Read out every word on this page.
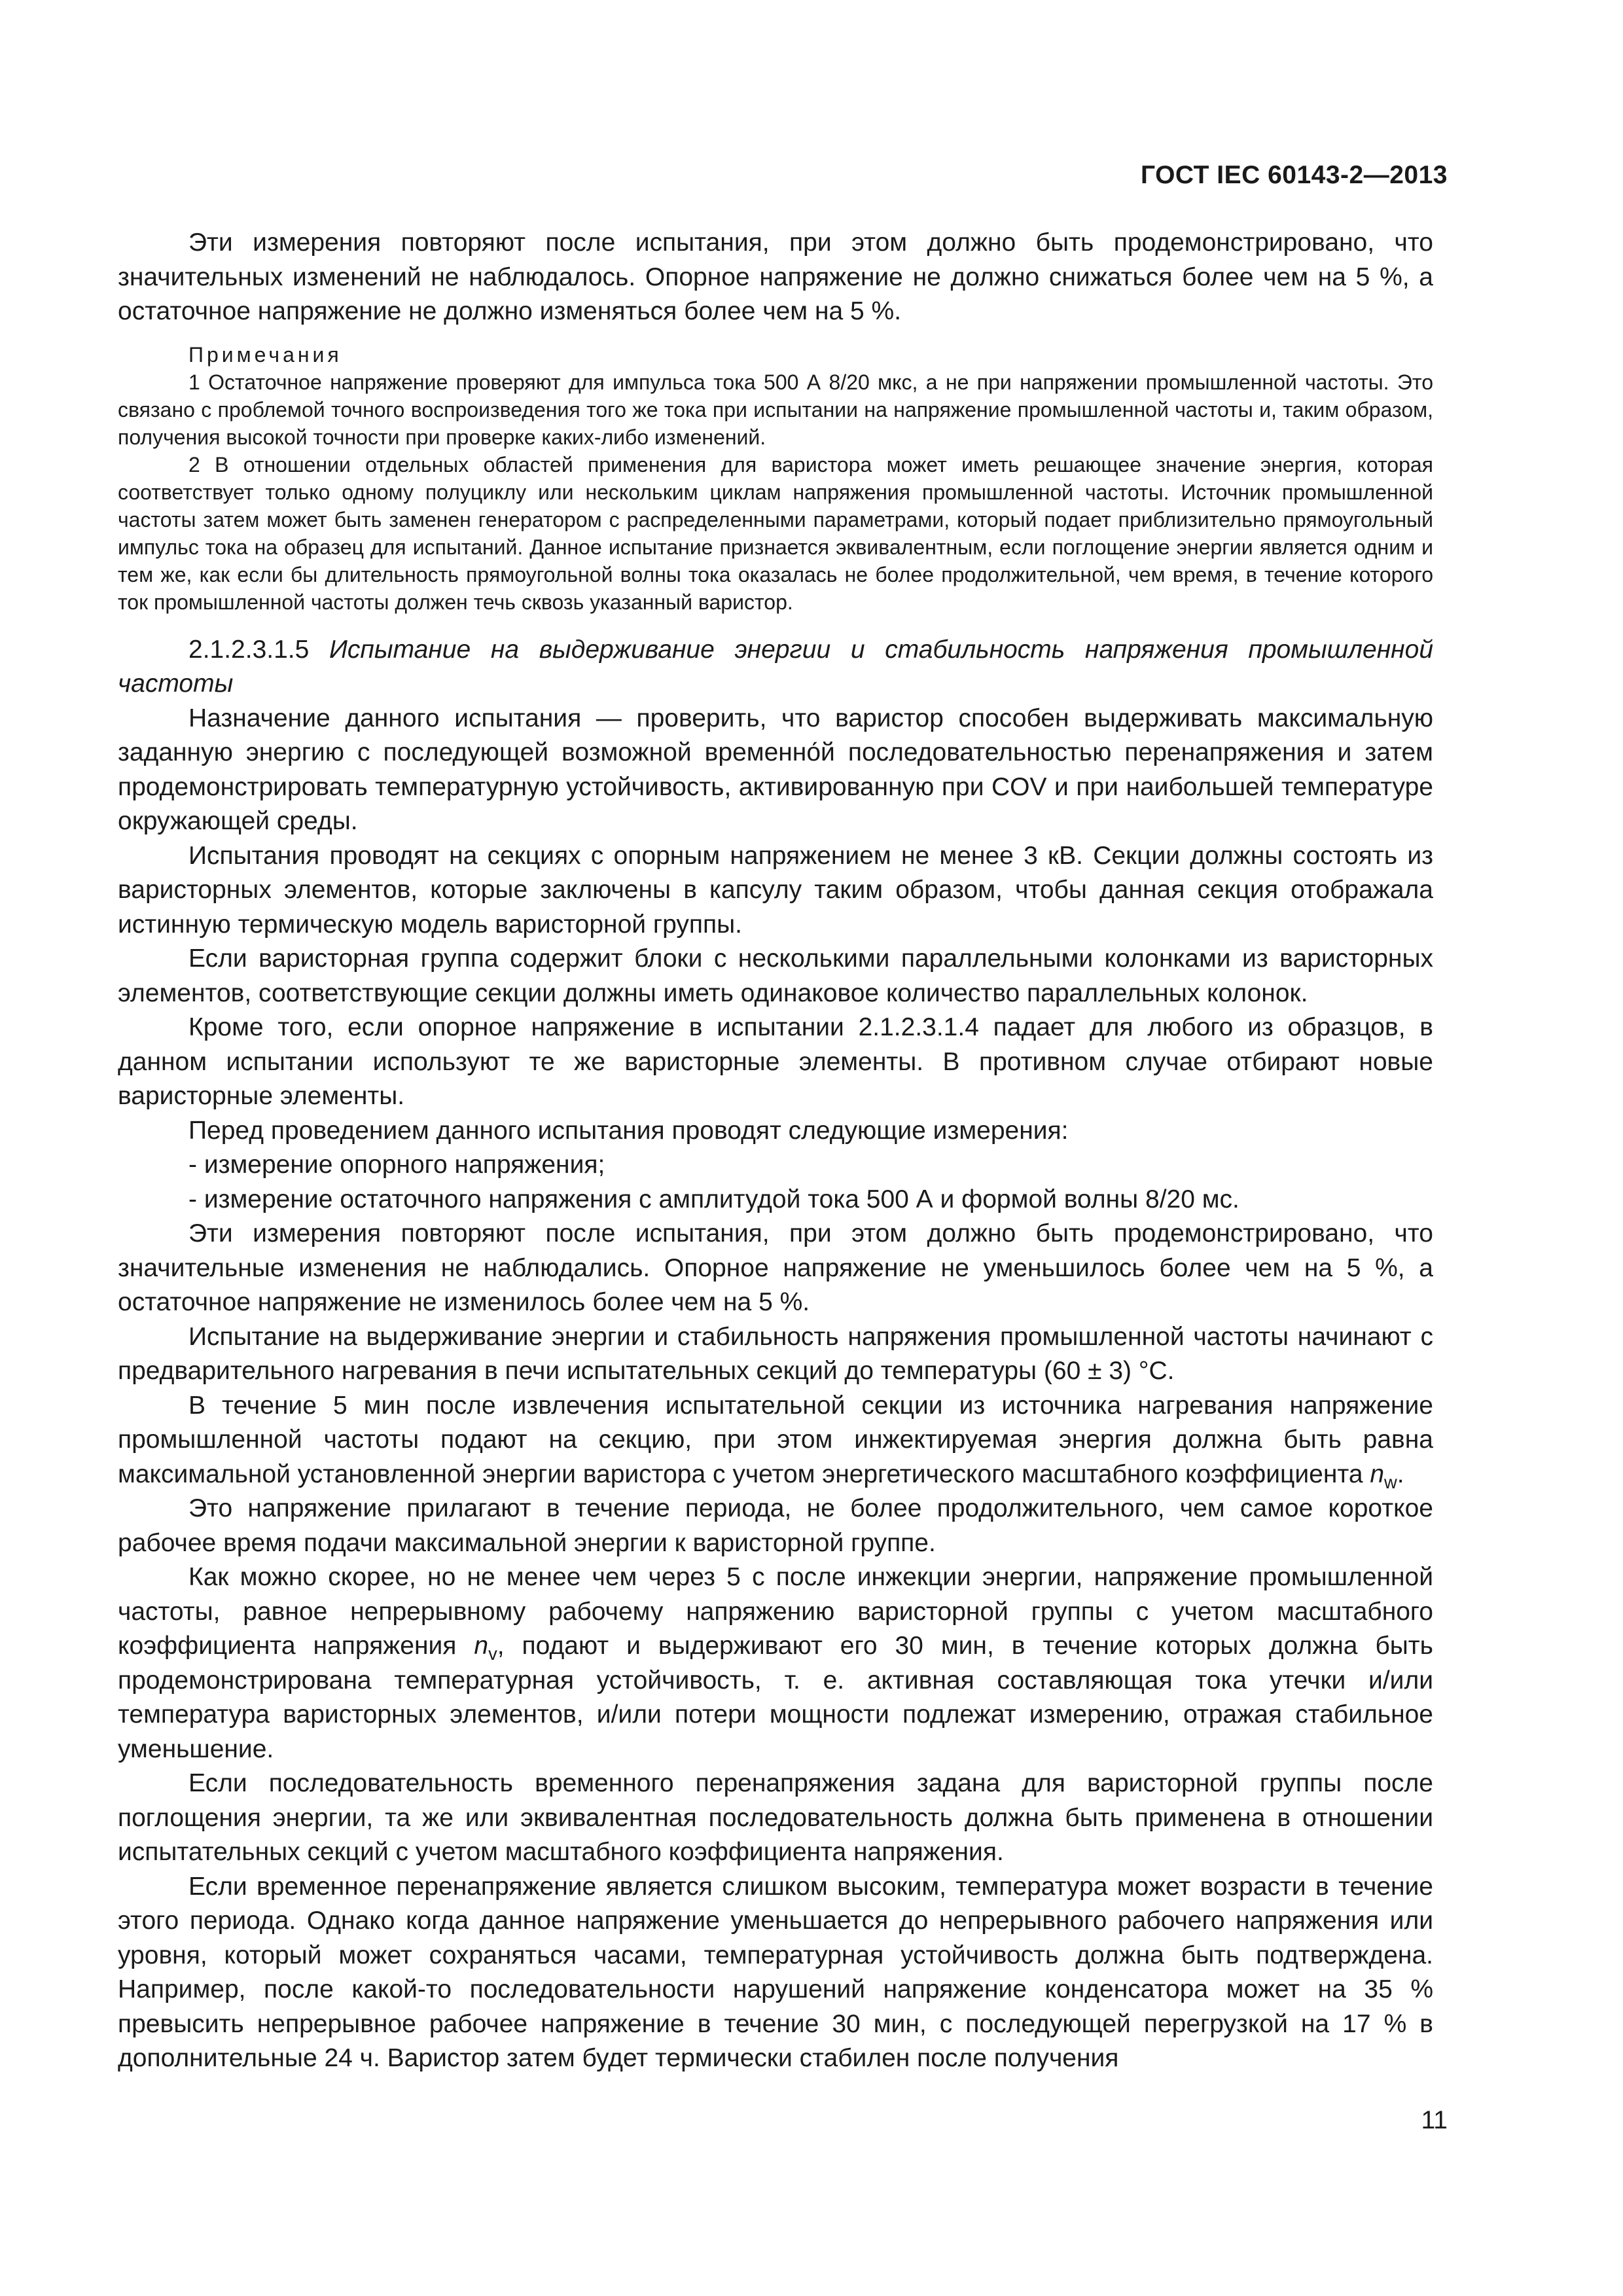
ГОСТ IEC 60143-2—2013

Эти измерения повторяют после испытания, при этом должно быть продемонстрировано, что значительных изменений не наблюдалось. Опорное напряжение не должно снижаться более чем на 5 %, а остаточное напряжение не должно изменяться более чем на 5 %.

Примечания

1 Остаточное напряжение проверяют для импульса тока 500 А 8/20 мкс, а не при напряжении промышленной частоты. Это связано с проблемой точного воспроизведения того же тока при испытании на напряжение промышленной частоты и, таким образом, получения высокой точности при проверке каких-либо изменений.

2 В отношении отдельных областей применения для варистора может иметь решающее значение энергия, которая соответствует только одному полуциклу или нескольким циклам напряжения промышленной частоты. Источник промышленной частоты затем может быть заменен генератором с распределенными параметрами, который подает приблизительно прямоугольный импульс тока на образец для испытаний. Данное испытание признается эквивалентным, если поглощение энергии является одним и тем же, как если бы длительность прямоугольной волны тока оказалась не более продолжительной, чем время, в течение которого ток промышленной частоты должен течь сквозь указанный варистор.

2.1.2.3.1.5 Испытание на выдерживание энергии и стабильность напряжения промышленной частоты

Назначение данного испытания — проверить, что варистор способен выдерживать максимальную заданную энергию с последующей возможной временно́й последовательностью перенапряжения и затем продемонстрировать температурную устойчивость, активированную при COV и при наибольшей температуре окружающей среды.

Испытания проводят на секциях с опорным напряжением не менее 3 кВ. Секции должны состоять из варисторных элементов, которые заключены в капсулу таким образом, чтобы данная секция отображала истинную термическую модель варисторной группы.

Если варисторная группа содержит блоки с несколькими параллельными колонками из варисторных элементов, соответствующие секции должны иметь одинаковое количество параллельных колонок.

Кроме того, если опорное напряжение в испытании 2.1.2.3.1.4 падает для любого из образцов, в данном испытании используют те же варисторные элементы. В противном случае отбирают новые варисторные элементы.

Перед проведением данного испытания проводят следующие измерения:

- измерение опорного напряжения;

- измерение остаточного напряжения с амплитудой тока 500 А и формой волны 8/20 мс.

Эти измерения повторяют после испытания, при этом должно быть продемонстрировано, что значительные изменения не наблюдались. Опорное напряжение не уменьшилось более чем на 5 %, а остаточное напряжение не изменилось более чем на 5 %.

Испытание на выдерживание энергии и стабильность напряжения промышленной частоты начинают с предварительного нагревания в печи испытательных секций до температуры (60 ± 3) °С.

В течение 5 мин после извлечения испытательной секции из источника нагревания напряжение промышленной частоты подают на секцию, при этом инжектируемая энергия должна быть равна максимальной установленной энергии варистора с учетом энергетического масштабного коэффициента $n_w$.

Это напряжение прилагают в течение периода, не более продолжительного, чем самое короткое рабочее время подачи максимальной энергии к варисторной группе.

Как можно скорее, но не менее чем через 5 с после инжекции энергии, напряжение промышленной частоты, равное непрерывному рабочему напряжению варисторной группы с учетом масштабного коэффициента напряжения $n_v$, подают и выдерживают его 30 мин, в течение которых должна быть продемонстрирована температурная устойчивость, т. е. активная составляющая тока утечки и/или температура варисторных элементов, и/или потери мощности подлежат измерению, отражая стабильное уменьшение.

Если последовательность временного перенапряжения задана для варисторной группы после поглощения энергии, та же или эквивалентная последовательность должна быть применена в отношении испытательных секций с учетом масштабного коэффициента напряжения.

Если временное перенапряжение является слишком высоким, температура может возрасти в течение этого периода. Однако когда данное напряжение уменьшается до непрерывного рабочего напряжения или уровня, который может сохраняться часами, температурная устойчивость должна быть подтверждена. Например, после какой-то последовательности нарушений напряжение конденсатора может на 35 % превысить непрерывное рабочее напряжение в течение 30 мин, с последующей перегрузкой на 17 % в дополнительные 24 ч. Варистор затем будет термически стабилен после получения

11
